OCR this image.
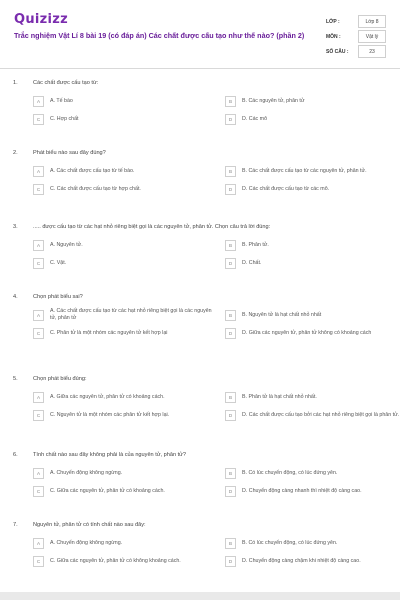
Quizizz
Trắc nghiệm Vật Lí 8 bài 19 (có đáp án) Các chất được cấu tạo như thế nào? (phần 2)
LỚP :	Lớp 8
MÔN :	Vật lý
SỐ CÂU :	23
1.	Các chất được cấu tạo từ:
A	A. Tế bào	B	B. Các nguyên tử, phân tử
C	C. Hợp chất	D	D. Các mô
2.	Phát biểu nào sau đây đúng?
A	A. Các chất được cấu tạo từ tế bào.	B	B. Các chất được cấu tạo từ các nguyên tử, phân tử.
C	C. Các chất được cấu tạo từ hợp chất.	D	D. Các chất được cấu tạo từ các mô.
3.	..... được cấu tạo từ các hạt nhỏ riêng biệt gọi là các nguyên tử, phân tử. Chọn câu trả lời đúng:
A	A. Nguyên tử.	B	B. Phân tử.
C	C. Vật.	D	D. Chất.
4.	Chọn phát biểu sai?
A
A. Các chất được cấu tạo từ các hạt nhỏ riêng biệt gọi là các nguyên tử, phân tử	B	B. Nguyên tử là hạt chất nhỏ nhất
C	C. Phân tử là một nhóm các nguyên tử kết hợp lại	D	D. Giữa các nguyên tử, phân tử không có khoảng cách
5.	Chọn phát biểu đúng:
A	A. Giữa các nguyên tử, phân tử có khoảng cách.	B	B. Phân tử là hạt chất nhỏ nhất.
C	C. Nguyên tử là một nhóm các phân tử kết hợp lại.	D	D. Các chất được cấu tạo bởi các hạt nhỏ riêng biệt gọi là phân tử.
6.	Tính chất nào sau đây không phải là của nguyên tử, phân tử?
A	A. Chuyển động không ngừng.	B	B. Có lúc chuyển động, có lúc đứng yên.
C	C. Giữa các nguyên tử, phân tử có khoảng cách.	D	D. Chuyển động càng nhanh thì nhiệt độ càng cao.
7.	Nguyên tử, phân tử có tính chất nào sau đây:
A	A. Chuyển động không ngừng.	B	B. Có lúc chuyển động, có lúc đứng yên.
C	C. Giữa các nguyên tử, phân tử có không khoảng cách.	D	D. Chuyển động càng chậm khi nhiệt độ càng cao.
